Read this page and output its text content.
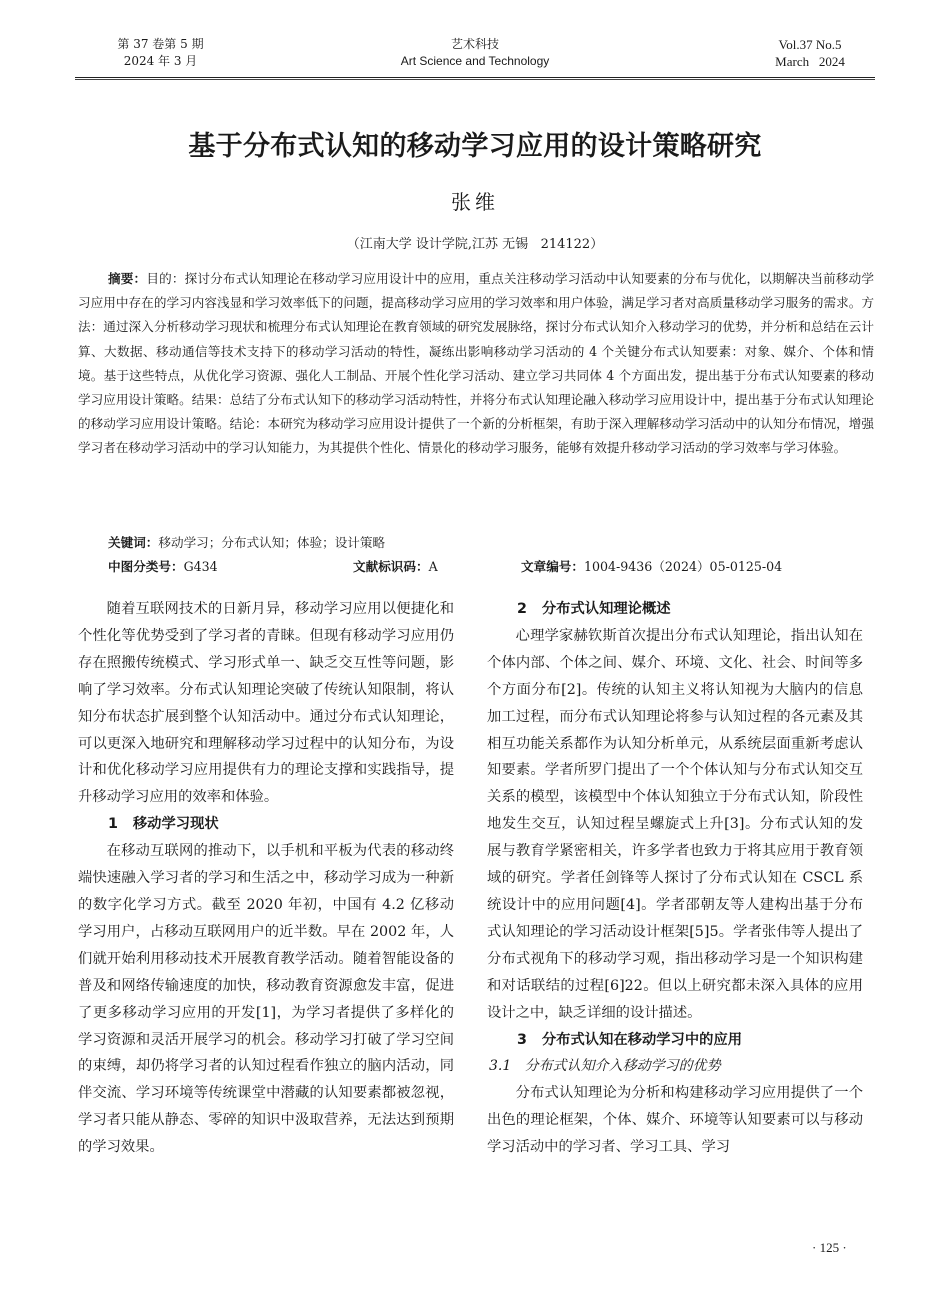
第 37 卷第 5 期
2024 年 3 月
艺术科技
Art Science and Technology
Vol.37 No.5
March   2024
基于分布式认知的移动学习应用的设计策略研究
张维
（江南大学 设计学院,江苏 无锡   214122）
摘要：目的：探讨分布式认知理论在移动学习应用设计中的应用，重点关注移动学习活动中认知要素的分布与优化，以期解决当前移动学习应用中存在的学习内容浅显和学习效率低下的问题，提高移动学习应用的学习效率和用户体验，满足学习者对高质量移动学习服务的需求。方法：通过深入分析移动学习现状和梳理分布式认知理论在教育领域的研究发展脉络，探讨分布式认知介入移动学习的优势，并分析和总结在云计算、大数据、移动通信等技术支持下的移动学习活动的特性，凝练出影响移动学习活动的 4 个关键分布式认知要素：对象、媒介、个体和情境。基于这些特点，从优化学习资源、强化人工制品、开展个性化学习活动、建立学习共同体 4 个方面出发，提出基于分布式认知要素的移动学习应用设计策略。结果：总结了分布式认知下的移动学习活动特性，并将分布式认知理论融入移动学习应用设计中，提出基于分布式认知理论的移动学习应用设计策略。结论：本研究为移动学习应用设计提供了一个新的分析框架，有助于深入理解移动学习活动中的认知分布情况，增强学习者在移动学习活动中的学习认知能力，为其提供个性化、情景化的移动学习服务，能够有效提升移动学习活动的学习效率与学习体验。
关键词：移动学习；分布式认知；体验；设计策略
中图分类号：G434	文献标识码：A	文章编号：1004-9436（2024）05-0125-04

随着互联网技术的日新月异，移动学习应用以便捷化和个性化等优势受到了学习者的青睐。但现有移动学习应用仍存在照搬传统模式、学习形式单一、缺乏交互性等问题，影响了学习效率。分布式认知理论突破了传统认知限制，将认知分布状态扩展到整个认知活动中。通过分布式认知理论，可以更深入地研究和理解移动学习过程中的认知分布，为设计和优化移动学习应用提供有力的理论支撑和实践指导，提升移动学习应用的效率和体验。

1   移动学习现状

在移动互联网的推动下，以手机和平板为代表的移动终端快速融入学习者的学习和生活之中，移动学习成为一种新的数字化学习方式。截至 2020 年初，中国有 4.2 亿移动学习用户，占移动互联网用户的近半数。早在 2002 年，人们就开始利用移动技术开展教育教学活动。随着智能设备的普及和网络传输速度的加快，移动教育资源愈发丰富，促进了更多移动学习应用的开发[1]，为学习者提供了多样化的学习资源和灵活开展学习的机会。移动学习打破了学习空间的束缚，却仍将学习者的认知过程看作独立的脑内活动，同伴交流、学习环境等传统课堂中潜藏的认知要素都被忽视，学习者只能从静态、零碎的知识中汲取营养，无法达到预期的学习效果。

2   分布式认知理论概述

心理学家赫钦斯首次提出分布式认知理论，指出认知在个体内部、个体之间、媒介、环境、文化、社会、时间等多个方面分布[2]。传统的认知主义将认知视为大脑内的信息加工过程，而分布式认知理论将参与认知过程的各元素及其相互功能关系都作为认知分析单元，从系统层面重新考虑认知要素。学者所罗门提出了一个个体认知与分布式认知交互关系的模型，该模型中个体认知独立于分布式认知，阶段性地发生交互，认知过程呈螺旋式上升[3]。分布式认知的发展与教育学紧密相关，许多学者也致力于将其应用于教育领域的研究。学者任剑锋等人探讨了分布式认知在 CSCL 系统设计中的应用问题[4]。学者邵朝友等人建构出基于分布式认知理论的学习活动设计框架[5]5。学者张伟等人提出了分布式视角下的移动学习观，指出移动学习是一个知识构建和对话联结的过程[6]22。但以上研究都未深入具体的应用设计之中，缺乏详细的设计描述。

3   分布式认知在移动学习中的应用
3.1   分布式认知介入移动学习的优势

分布式认知理论为分析和构建移动学习应用提供了一个出色的理论框架，个体、媒介、环境等认知要素可以与移动学习活动中的学习者、学习工具、学习

· 125 ·
